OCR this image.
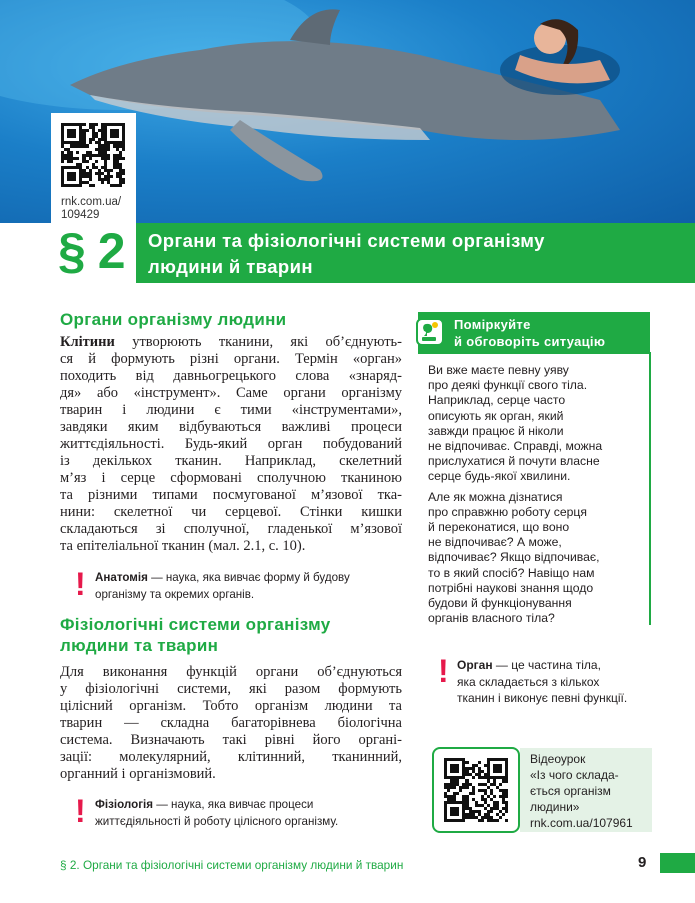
rnk.com.ua/
109429
§ 2 Органи та фізіологічні системи організму
людини й тварин
Органи організму людини
Клітини утворюють тканини, які об’єднують-
ся й формують різні органи. Термін «орган»
походить від давньогрецького слова «знаряд-
дя» або «інструмент». Саме органи організму
тварин і людини є тими «інструментами»,
завдяки яким відбуваються важливі процеси
життєдіяльності. Будь-який орган побудований
із декількох тканин. Наприклад, скелетний
м’яз і серце сформовані сполучною тканиною
та різними типами посмугованої м’язової тка-
нини: скелетної чи серцевої. Стінки кишки
складаються зі сполучної, гладенької м’язової
та епітеліальної тканин (мал. 2.1, с. 10).
! Анатомія — наука, яка вивчає форму й будову
організму та окремих органів.
Фізіологічні системи організму
людини та тварин
Для виконання функцій органи об’єднуються
у фізіологічні системи, які разом формують
цілісний організм. Тобто організм людини та
тварин — складна багаторівнева біологічна
система. Визначають такі рівні його органі-
зації: молекулярний, клітинний, тканинний,
органний і організмовий.
! Фізіологія — наука, яка вивчає процеси
життєдіяльності й роботу цілісного організму.
Поміркуйте
й обговоріть ситуацію

Ви вже маєте певну уяву
про деякі функції свого тіла.
Наприклад, серце часто
описують як орган, який
завжди працює й ніколи
не відпочиває. Справді, можна
прислухатися й почути власне
серце будь-якої хвилини.

Але як можна дізнатися
про справжню роботу серця
й переконатися, що воно
не відпочиває? А може,
відпочиває? Якщо відпочиває,
то в який спосіб? Навіщо нам
потрібні наукові знання щодо
будови й функціонування
органів власного тіла?

! Орган — це частина тіла,
яка складається з кількох
тканин і виконує певні функції.
Відеоурок
«Із чого склада-
ється організм
людини»
rnk.com.ua/107961
§ 2. Органи та фізіологічні системи організму людини й тварин	9
